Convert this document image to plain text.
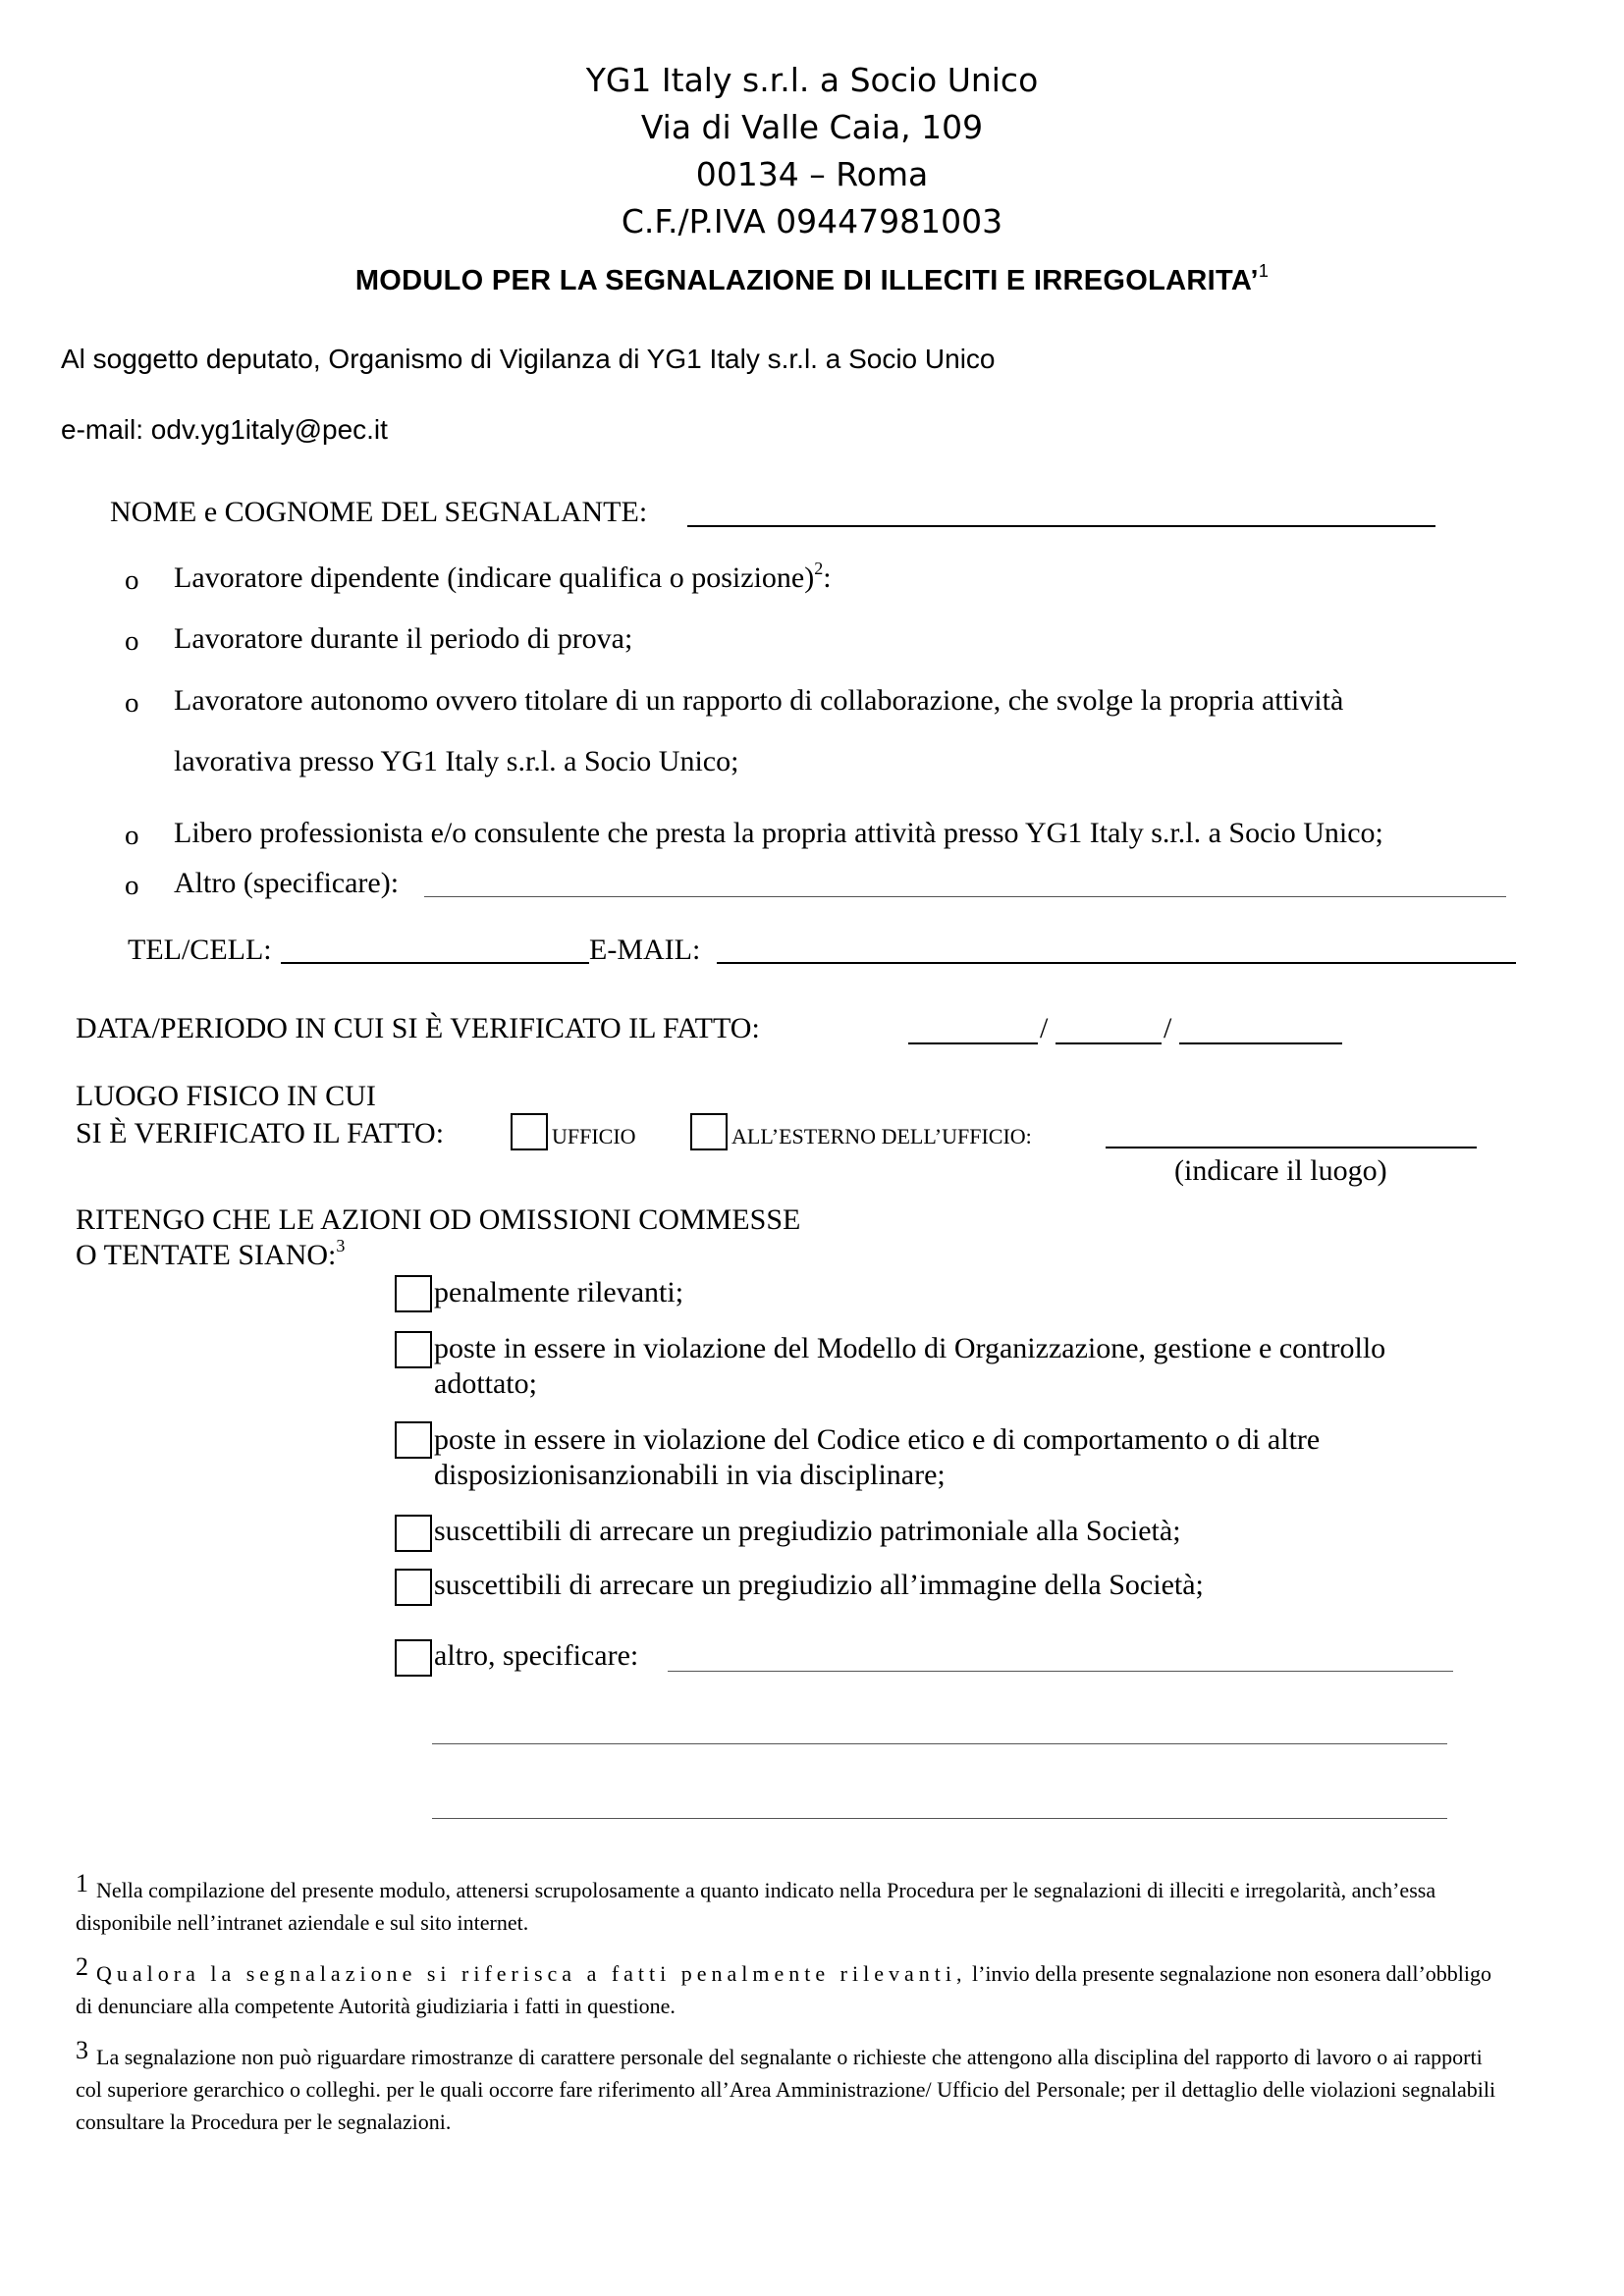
YG1 Italy s.r.l. a Socio Unico
Via di Valle Caia, 109
00134 – Roma
C.F./P.IVA 09447981003
MODULO PER LA SEGNALAZIONE DI ILLECITI E IRREGOLARITA’$^1$
Al soggetto deputato, Organismo di Vigilanza di YG1 Italy s.r.l. a Socio Unico
e-mail: odv.yg1italy@pec.it
NOME e COGNOME DEL SEGNALANTE:
o Lavoratore dipendente (indicare qualifica o posizione)$^2$:
o Lavoratore durante il periodo di prova;
o Lavoratore autonomo ovvero titolare di un rapporto di collaborazione, che svolge la propria attività
lavorativa presso YG1 Italy s.r.l. a Socio Unico;
o Libero professionista e/o consulente che presta la propria attività presso YG1 Italy s.r.l. a Socio Unico;
o Altro (specificare):
TEL/CELL:	E-MAIL:
DATA/PERIODO IN CUI SI È VERIFICATO IL FATTO:	/	/
LUOGO FISICO IN CUI
SI È VERIFICATO IL FATTO:	UFFICIO	ALL’ESTERNO DELL’UFFICIO:
(indicare il luogo)
RITENGO CHE LE AZIONI OD OMISSIONI COMMESSE
O TENTATE SIANO:$^3$
penalmente rilevanti;
poste in essere in violazione del Modello di Organizzazione, gestione e controllo
adottato;
poste in essere in violazione del Codice etico e di comportamento o di altre
disposizionisanzionabili in via disciplinare;
suscettibili di arrecare un pregiudizio patrimoniale alla Società;
suscettibili di arrecare un pregiudizio all’immagine della Società;
altro, specificare:
1 Nella compilazione del presente modulo, attenersi scrupolosamente a quanto indicato nella Procedura per le segnalazioni di illeciti e irregolarità, anch’essa disponibile nell’intranet aziendale e sul sito internet.
2 Qualora la segnalazione si riferisca a fatti penalmente rilevanti, l’invio della presente segnalazione non esonera dall’obbligo di denunciare alla competente Autorità giudiziaria i fatti in questione.
3 La segnalazione non può riguardare rimostranze di carattere personale del segnalante o richieste che attengono alla disciplina del rapporto di lavoro o ai rapporti col superiore gerarchico o colleghi. per le quali occorre fare riferimento all’Area Amministrazione/ Ufficio del Personale; per il dettaglio delle violazioni segnalabili consultare la Procedura per le segnalazioni.
